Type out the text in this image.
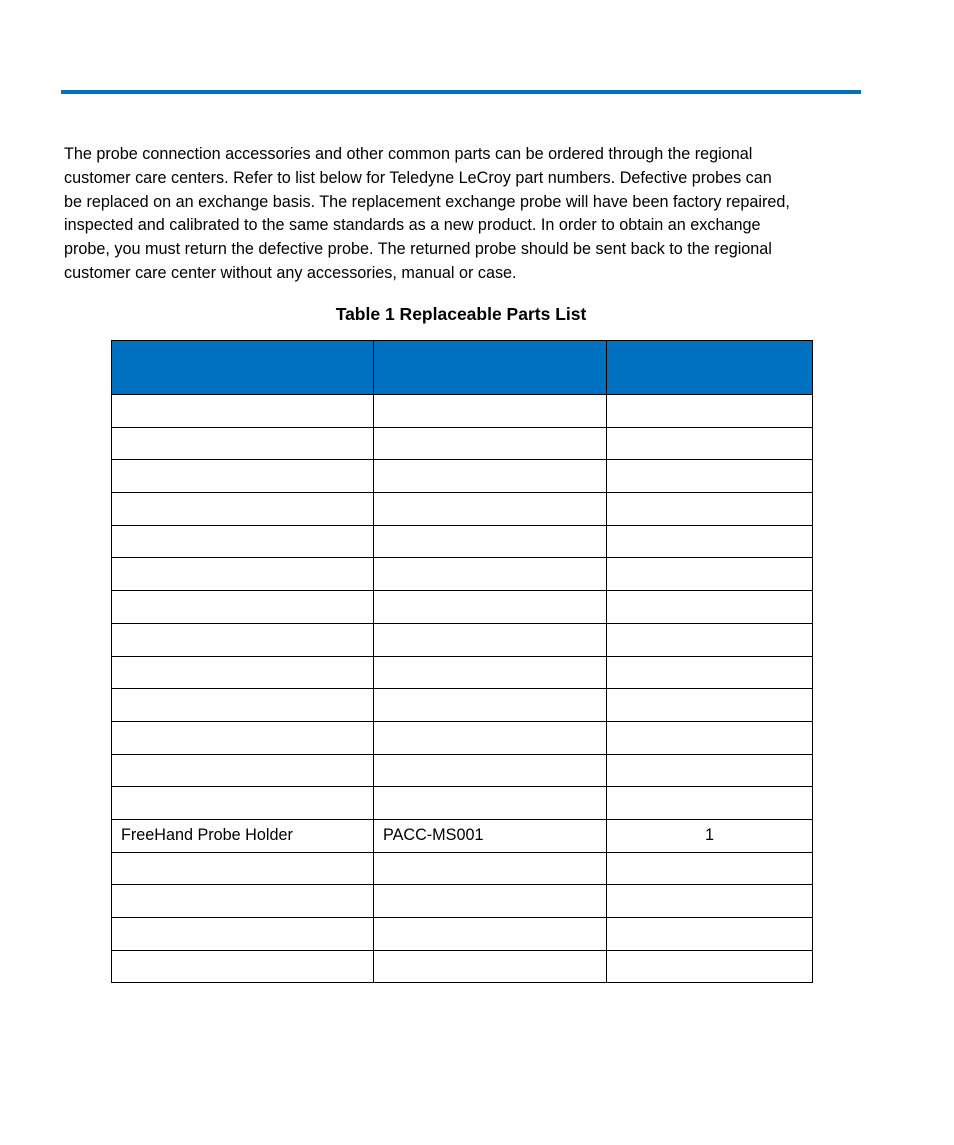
The probe connection accessories and other common parts can be ordered through the regional
customer care centers. Refer to list below for Teledyne LeCroy part numbers. Defective probes can
be replaced on an exchange basis. The replacement exchange probe will have been factory repaired,
inspected and calibrated to the same standards as a new product. In order to obtain an exchange
probe, you must return the defective probe. The returned probe should be sent back to the regional
customer care center without any accessories, manual or case.

Table 1 Replaceable Parts List

FreeHand Probe Holder	PACC-MS001	1
